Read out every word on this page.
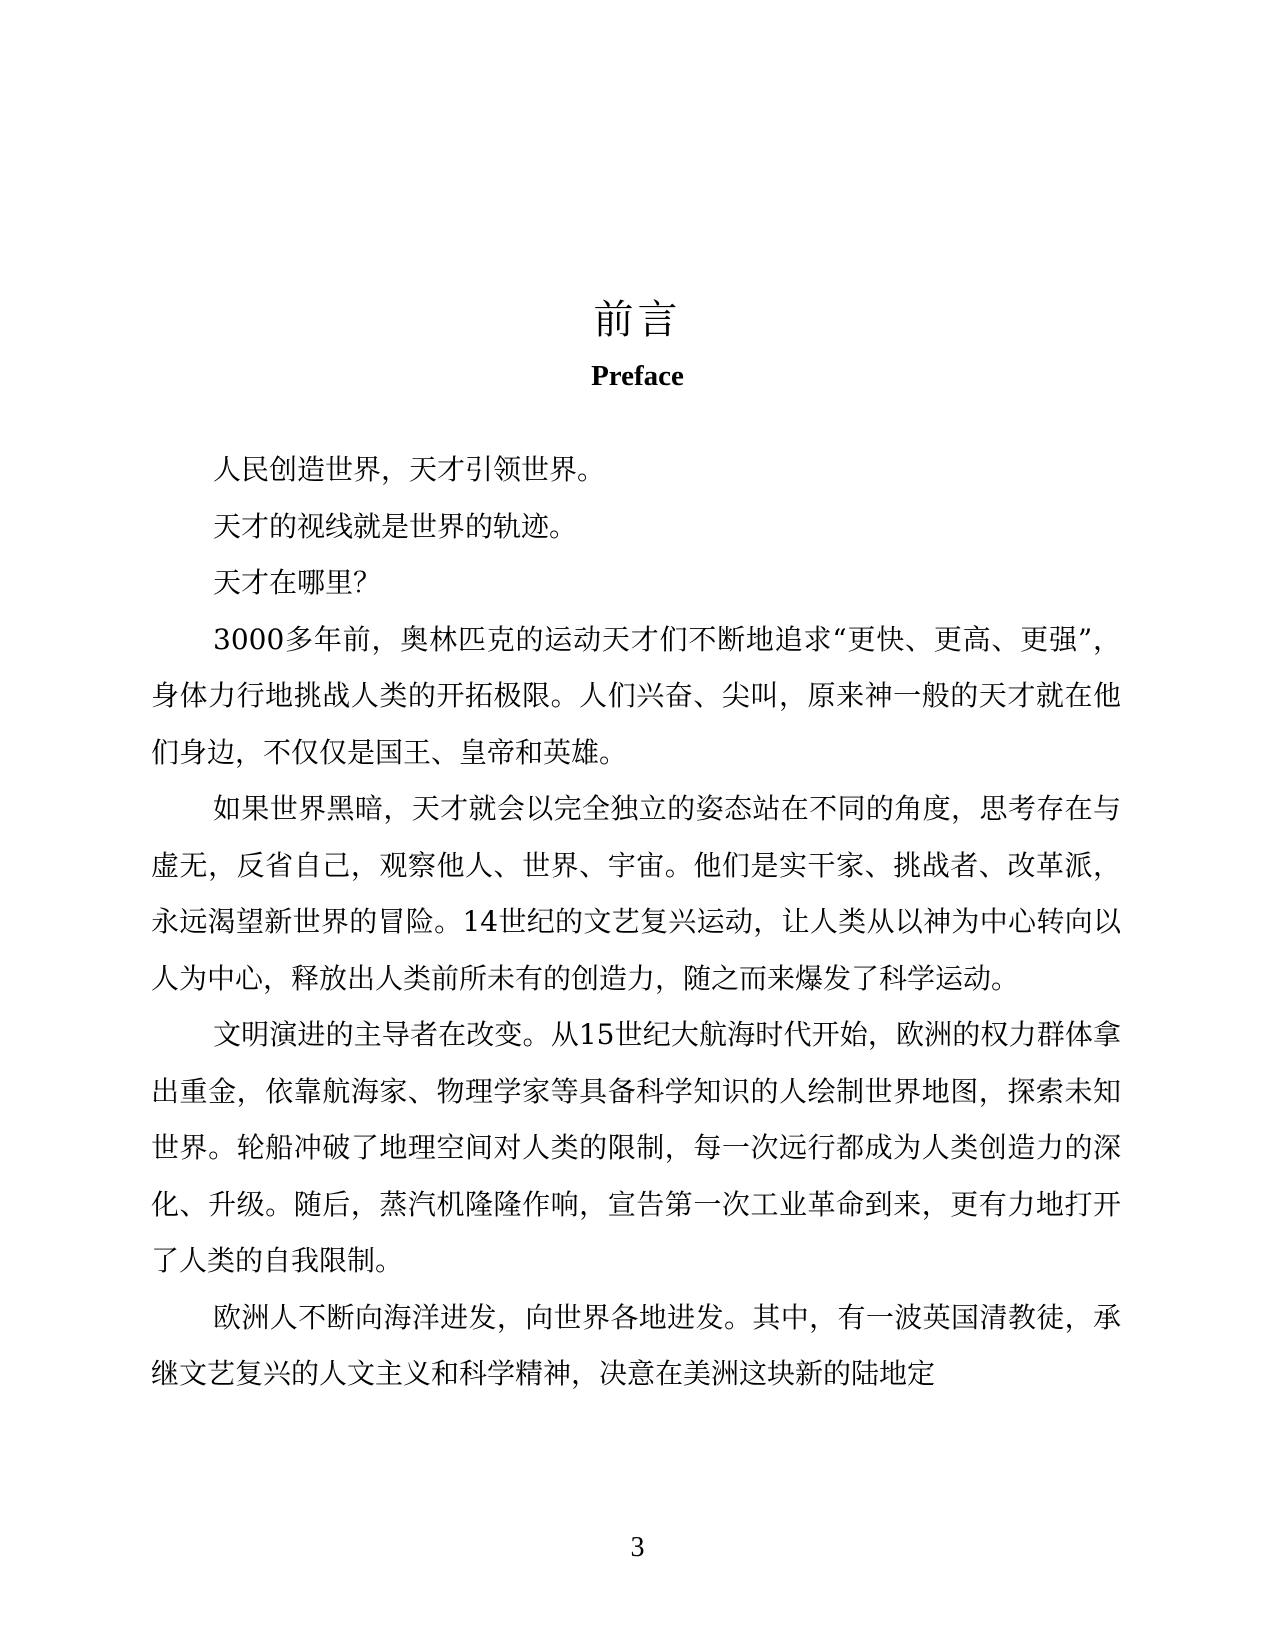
前言
Preface

人民创造世界，天才引领世界。

天才的视线就是世界的轨迹。

天才在哪里？

3000多年前，奥林匹克的运动天才们不断地追求“更快、更高、更强”，身体力行地挑战人类的开拓极限。人们兴奋、尖叫，原来神一般的天才就在他们身边，不仅仅是国王、皇帝和英雄。

如果世界黑暗，天才就会以完全独立的姿态站在不同的角度，思考存在与虚无，反省自己，观察他人、世界、宇宙。他们是实干家、挑战者、改革派，永远渴望新世界的冒险。14世纪的文艺复兴运动，让人类从以神为中心转向以人为中心，释放出人类前所未有的创造力，随之而来爆发了科学运动。

文明演进的主导者在改变。从15世纪大航海时代开始，欧洲的权力群体拿出重金，依靠航海家、物理学家等具备科学知识的人绘制世界地图，探索未知世界。轮船冲破了地理空间对人类的限制，每一次远行都成为人类创造力的深化、升级。随后，蒸汽机隆隆作响，宣告第一次工业革命到来，更有力地打开了人类的自我限制。

欧洲人不断向海洋进发，向世界各地进发。其中，有一波英国清教徒，承继文艺复兴的人文主义和科学精神，决意在美洲这块新的陆地定

3
